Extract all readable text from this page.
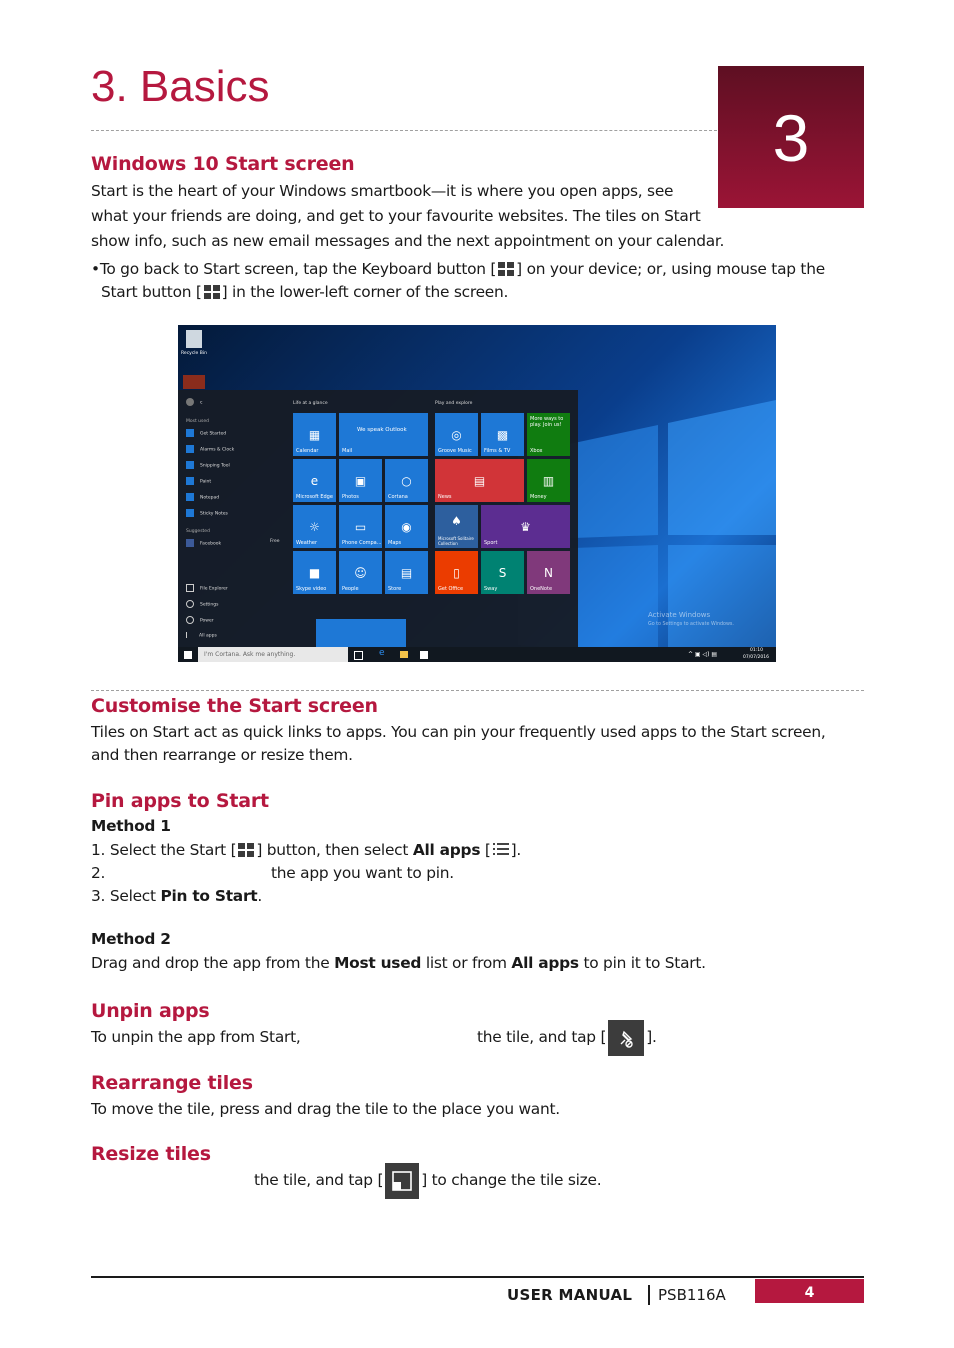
3. Basics
3
Windows 10 Start screen
Start is the heart of your Windows smartbook—it is where you open apps, see
what your friends are doing, and get to your favourite websites. The tiles on Start
show info, such as new email messages and the next appointment on your calendar.
•To go back to Start screen, tap the Keyboard button [ ] on your device; or, using mouse tap the
Start button [ ] in the lower-left corner of the screen.
Recycle Bin
c
Most used
Get Started
Alarms & Clock
Snipping Tool
Paint
Notepad
Sticky Notes
Suggested
Facebook	Free
File Explorer
Settings
Power
All apps
Life at a glance	Play and explore
▦
Calendar
We speak Outlook
Mail
e
Microsoft Edge
▣
Photos
○
Cortana
☼
Weather
▭
Phone Compa...
◉
Maps
■
Skype video
☺
People
▤
Store
◎
Groove Music
▩
Films & TV
More ways to play. Join us!
Xbox
▤
News
▥
Money
♠
Microsoft Solitaire Collection
♛
Sport
▯
Get Office
S
Sway
N
OneNote
Activate Windows
Go to Settings to activate Windows.
I'm Cortana. Ask me anything.	e	^ ▣ ◁) ▤
01:10
07/07/2016
Customise the Start screen
Tiles on Start act as quick links to apps. You can pin your frequently used apps to the Start screen,
and then rearrange or resize them.
Pin apps to Start
Method 1
1. Select the Start [ ] button, then select All apps [ ].
2.	the app you want to pin.
3. Select Pin to Start.
Method 2
Drag and drop the app from the Most used list or from All apps to pin it to Start.
Unpin apps
To unpin the app from Start,	the tile, and tap [	].
Rearrange tiles
To move the tile, press and drag the tile to the place you want.
Resize tiles
the tile, and tap [ ] to change the tile size.
USER MANUAL PSB116A	4
